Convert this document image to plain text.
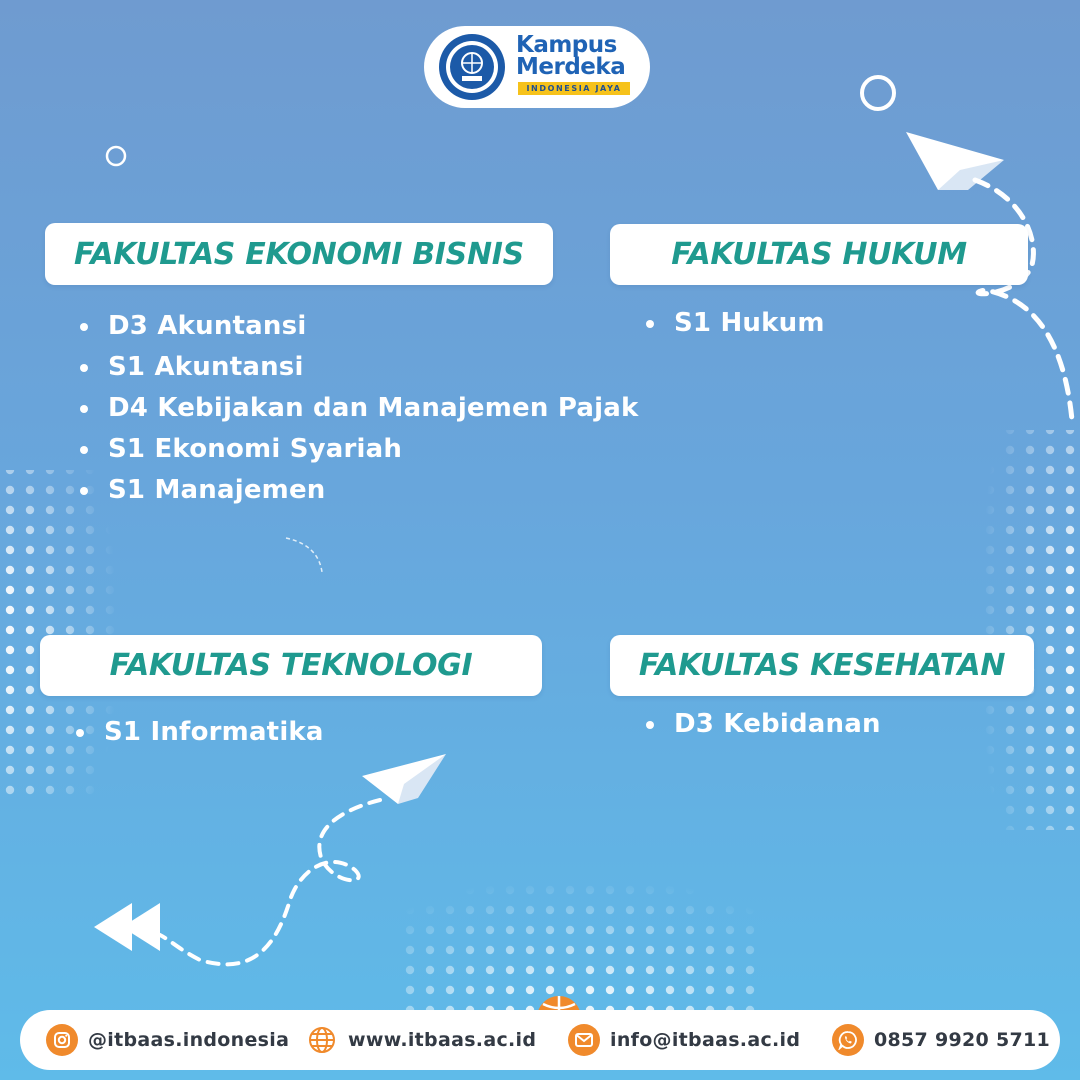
Kampus
Merdeka
INDONESIA JAYA
FAKULTAS EKONOMI BISNIS
D3 Akuntansi
S1 Akuntansi
D4 Kebijakan dan Manajemen Pajak
S1 Ekonomi Syariah
S1 Manajemen
FAKULTAS HUKUM
S1 Hukum
FAKULTAS TEKNOLOGI
S1 Informatika
FAKULTAS KESEHATAN
D3 Kebidanan
@itbaas.indonesia	www.itbaas.ac.id	info@itbaas.ac.id	0857 9920 5711
